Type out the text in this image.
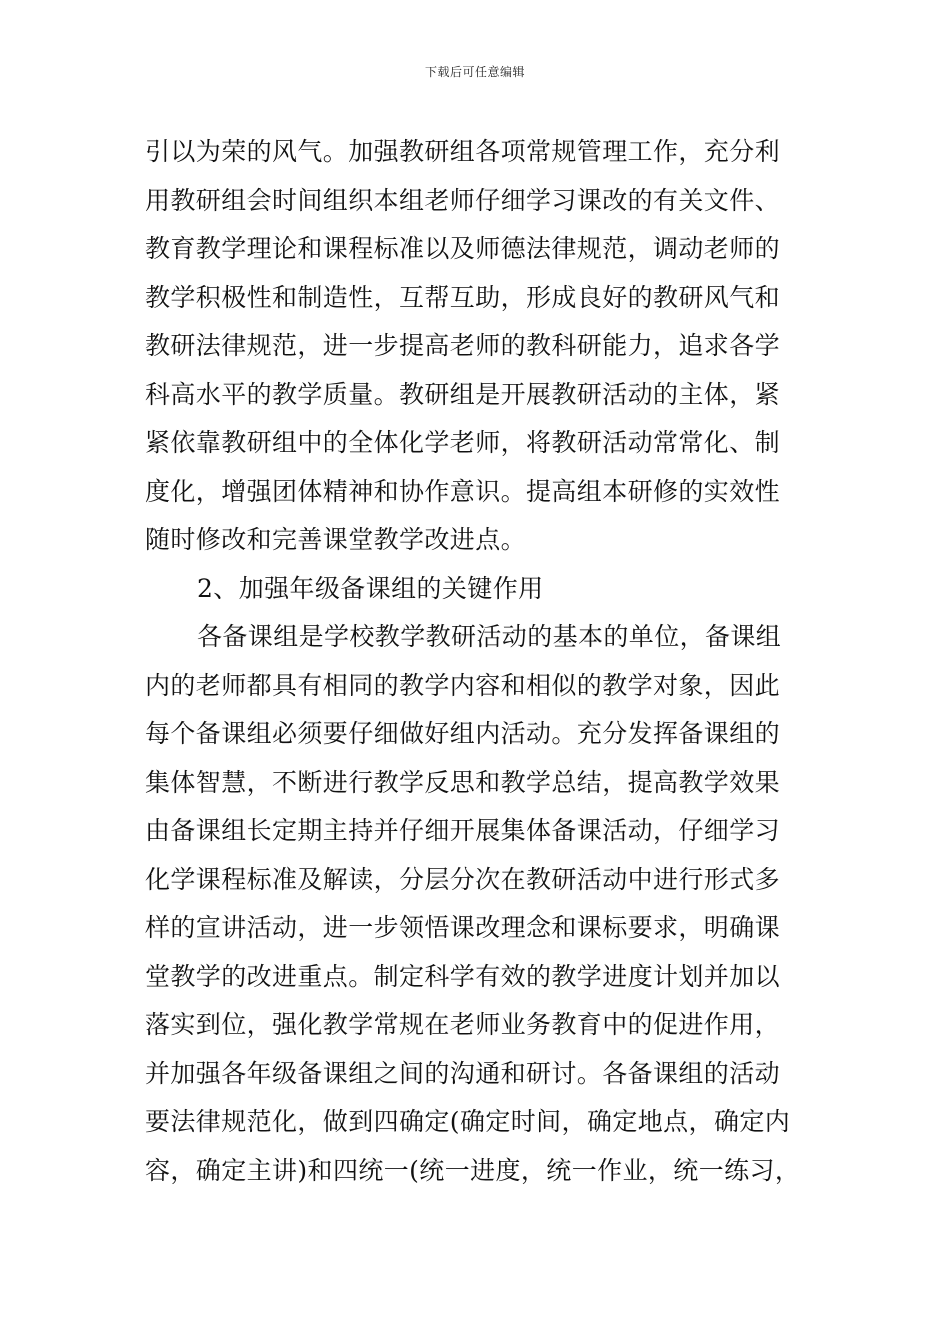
下载后可任意编辑
引以为荣的风气。加强教研组各项常规管理工作，充分利
用教研组会时间组织本组老师仔细学习课改的有关文件、
教育教学理论和课程标准以及师德法律规范，调动老师的
教学积极性和制造性，互帮互助，形成良好的教研风气和
教研法律规范，进一步提高老师的教科研能力，追求各学
科高水平的教学质量。教研组是开展教研活动的主体，紧
紧依靠教研组中的全体化学老师，将教研活动常常化、制
度化，增强团体精神和协作意识。提高组本研修的实效性
随时修改和完善课堂教学改进点。
2、加强年级备课组的关键作用
各备课组是学校教学教研活动的基本的单位，备课组
内的老师都具有相同的教学内容和相似的教学对象，因此
每个备课组必须要仔细做好组内活动。充分发挥备课组的
集体智慧，不断进行教学反思和教学总结，提高教学效果
由备课组长定期主持并仔细开展集体备课活动，仔细学习
化学课程标准及解读，分层分次在教研活动中进行形式多
样的宣讲活动，进一步领悟课改理念和课标要求，明确课
堂教学的改进重点。制定科学有效的教学进度计划并加以
落实到位，强化教学常规在老师业务教育中的促进作用，
并加强各年级备课组之间的沟通和研讨。各备课组的活动
要法律规范化，做到四确定(确定时间，确定地点，确定内
容，确定主讲)和四统一(统一进度，统一作业，统一练习，
